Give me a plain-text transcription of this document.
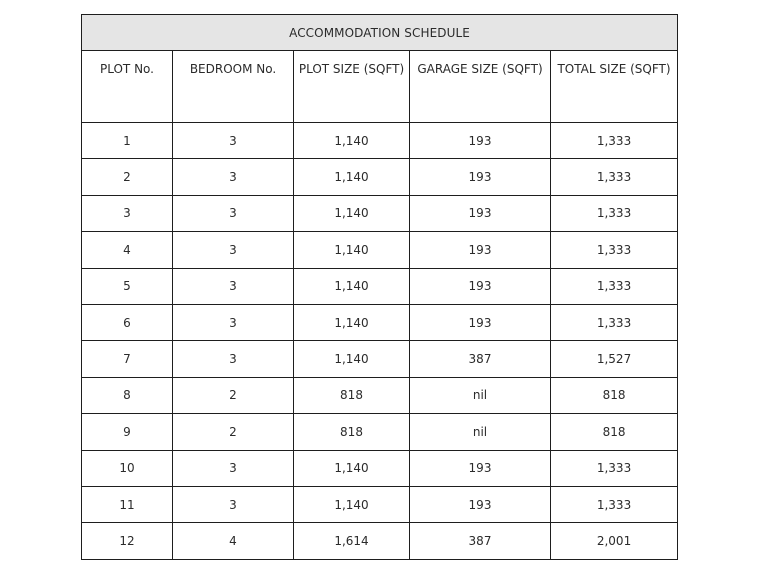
ACCOMMODATION SCHEDULE				
PLOT No.	BEDROOM No.	PLOT SIZE (SQFT)	GARAGE SIZE (SQFT)	TOTAL SIZE (SQFT)
1	3	1,140	193	1,333
2	3	1,140	193	1,333
3	3	1,140	193	1,333
4	3	1,140	193	1,333
5	3	1,140	193	1,333
6	3	1,140	193	1,333
7	3	1,140	387	1,527
8	2	818	nil	818
9	2	818	nil	818
10	3	1,140	193	1,333
11	3	1,140	193	1,333
12	4	1,614	387	2,001
